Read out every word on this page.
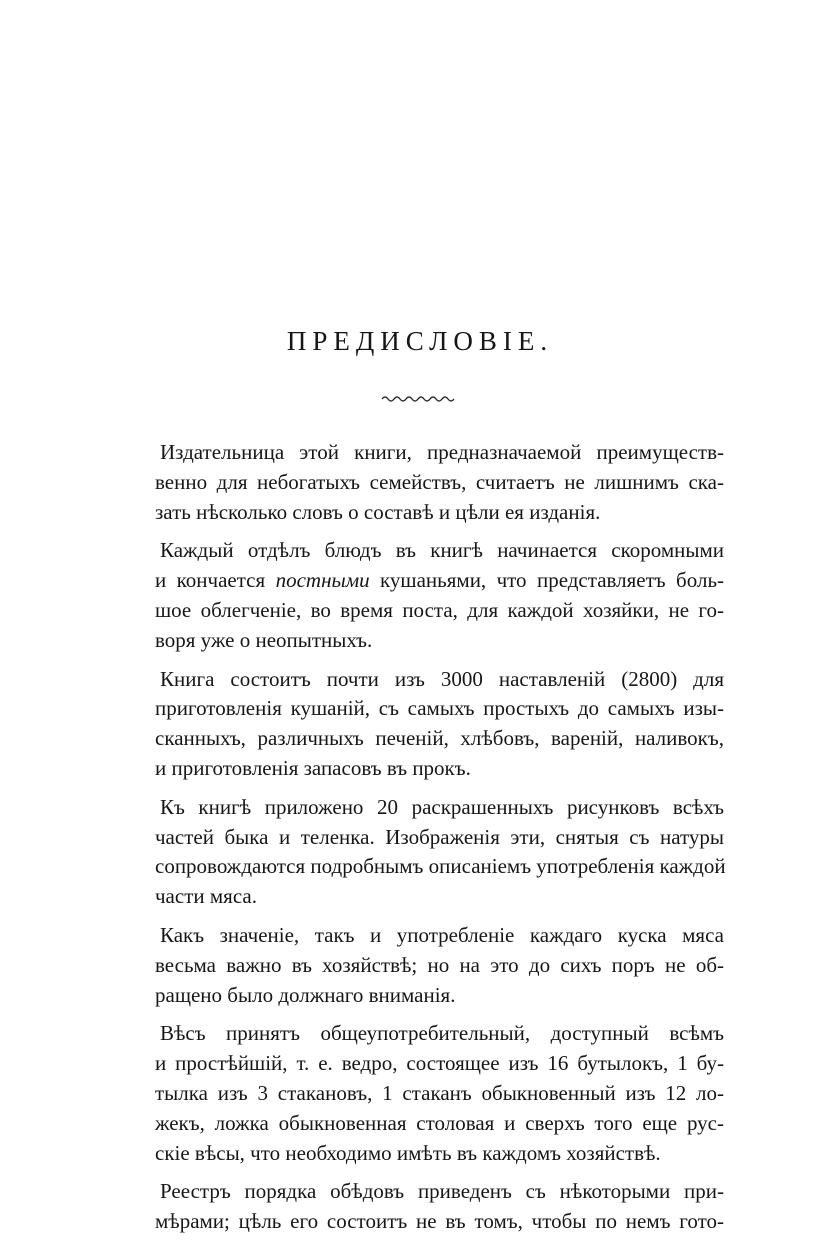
ПРЕДИСЛОВIЕ.

Издательница этой книги, предназначаемой преимуществ-
венно для небогатыхъ семействъ, считаетъ не лишнимъ ска-
зать нѣсколько словъ о составѣ и цѣли ея изданiя.

Каждый отдѣлъ блюдъ въ книгѣ начинается скоромными
и кончается постными кушаньями, что представляетъ боль-
шое облегченiе, во время поста, для каждой хозяйки, не го-
воря уже о неопытныхъ.

Книга состоитъ почти изъ 3000 наставленiй (2800) для
приготовленiя кушанiй, съ самыхъ простыхъ до самыхъ изы-
сканныхъ, различныхъ печенiй, хлѣбовъ, варенiй, наливокъ,
и приготовленiя запасовъ въ прокъ.

Къ книгѣ приложено 20 раскрашенныхъ рисунковъ всѣхъ
частей быка и теленка. Изображенiя эти, снятыя съ натуры
сопровождаются подробнымъ описанiемъ употребленiя каждой
части мяса.

Какъ значенiе, такъ и употребленiе каждаго куска мяса
весьма важно въ хозяйствѣ; но на это до сихъ поръ не об-
ращено было должнаго вниманiя.

Вѣсъ принятъ общеупотребительный, доступный всѣмъ
и простѣйшiй, т. е. ведро, состоящее изъ 16 бутылокъ, 1 бу-
тылка изъ 3 стакановъ, 1 стаканъ обыкновенный изъ 12 ло-
жекъ, ложка обыкновенная столовая и сверхъ того еще рус-
скiе вѣсы, что необходимо имѣть въ каждомъ хозяйствѣ.

Реестръ порядка обѣдовъ приведенъ съ нѣкоторыми при-
мѣрами; цѣль его состоитъ не въ томъ, чтобы по немъ гото-
